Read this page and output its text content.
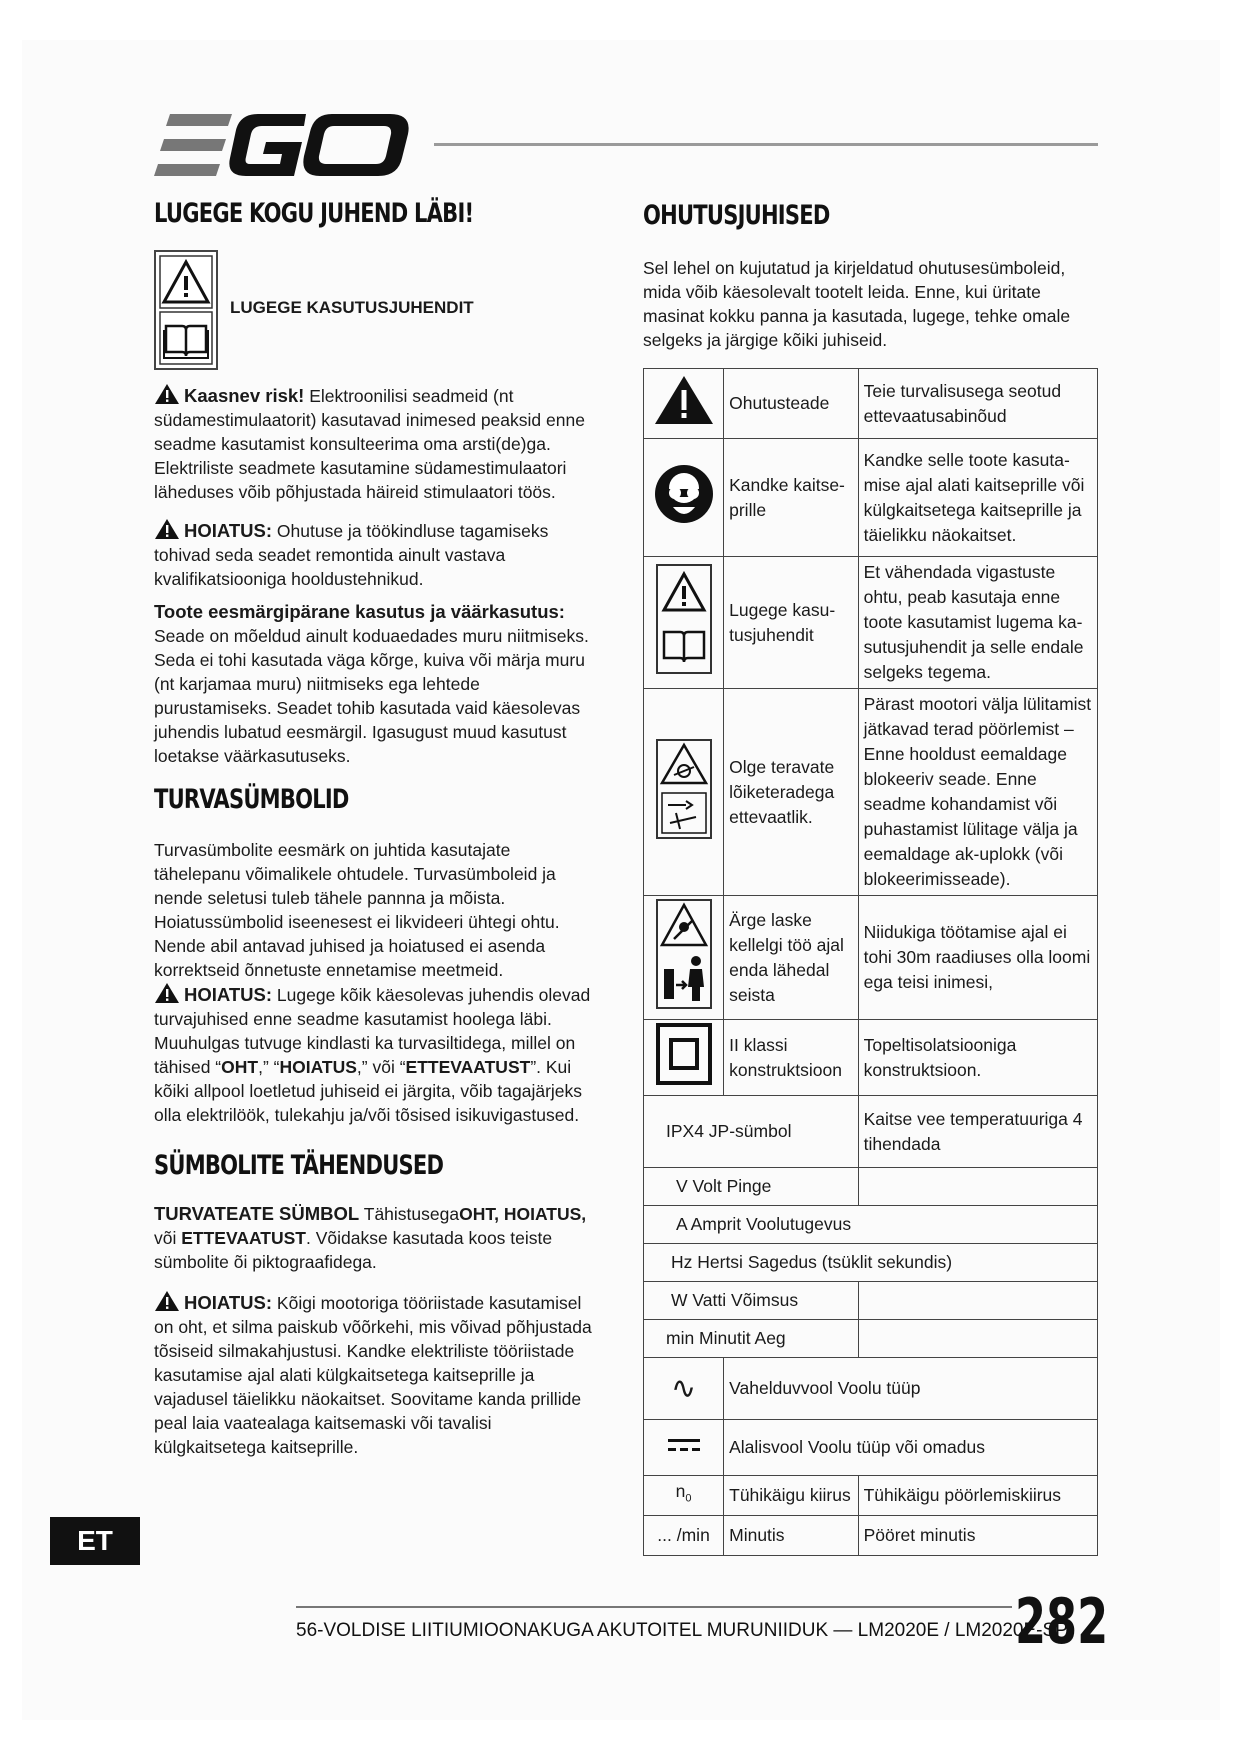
EGO
LUGEGE KOGU JUHEND LÄBI!
LUGEGE KASUTUSJUHENDIT
Kaasnev risk! Elektroonilisi seadmeid (nt südamestimulaatorit) kasutavad inimesed peaksid enne seadme kasutamist konsulteerima oma arsti(de)ga. Elektriliste seadmete kasutamine südamestimulaatori läheduses võib põhjustada häireid stimulaatori töös.
HOIATUS: Ohutuse ja töökindluse tagamiseks tohivad seda seadet remontida ainult vastava kvalifikatsiooniga hooldustehnikud.
Toote eesmärgipärane kasutus ja väärkasutus:
Seade on mõeldud ainult koduaedades muru niitmiseks. Seda ei tohi kasutada väga kõrge, kuiva või märja muru (nt karjamaa muru) niitmiseks ega lehtede purustamiseks. Seadet tohib kasutada vaid käesolevas juhendis lubatud eesmärgil. Igasugust muud kasutust loetakse väärkasutuseks.
TURVASÜMBOLID
Turvasümbolite eesmärk on juhtida kasutajate tähelepanu võimalikele ohtudele. Turvasümboleid ja nende seletusi tuleb tähele pannna ja mõista. Hoiatussümbolid iseenesest ei likvideeri ühtegi ohtu. Nende abil antavad juhised ja hoiatused ei asenda korrektseid õnnetuste ennetamise meetmeid.
HOIATUS: Lugege kõik käesolevas juhendis olevad turvajuhised enne seadme kasutamist hoolega läbi. Muuhulgas tutvuge kindlasti ka turvasiltidega, millel on tähised “OHT,” “HOIATUS,” või “ETTEVAATUST”. Kui kõiki allpool loetletud juhiseid ei järgita, võib tagajärjeks olla elektrilöök, tulekahju ja/või tõsised isikuvigastused.
SÜMBOLITE TÄHENDUSED
TURVATEATE SÜMBOL TähistusegaOHT, HOIATUS, või ETTEVAATUST. Võidakse kasutada koos teiste sümbolite õi piktograafidega.
HOIATUS: Kõigi mootoriga tööriistade kasutamisel on oht, et silma paiskub võõrkehi, mis võivad põhjustada tõsiseid silmakahjustusi. Kandke elektriliste tööriistade kasutamise ajal alati külgkaitsetega kaitseprille ja vajadusel täielikku näokaitset. Soovitame kanda prillide peal laia vaatealaga kaitsemaski või tavalisi külgkaitsetega kaitseprille.
OHUTUSJUHISED
Sel lehel on kujutatud ja kirjeldatud ohutusesümboleid, mida võib käesolevalt tootelt leida. Enne, kui üritate masinat kokku panna ja kasutada, lugege, tehke omale selgeks ja järgige kõiki juhiseid.
	Ohutusteade	Teie turvalisusega seotud ettevaatusabinõud
	Kandke kaitse-prille	Kandke selle toote kasuta-mise ajal alati kaitseprille või külgkaitsetega kaitseprille ja täielikku näokaitset.
	Lugege kasu-tusjuhendit	Et vähendada vigastuste ohtu, peab kasutaja enne toote kasutamist lugema ka-sutusjuhendit ja selle endale selgeks tegema.
	Olge teravate lõiketeradega ettevaatlik.	Pärast mootori välja lülitamist jätkavad terad pöörlemist – Enne hooldust eemaldage blokeeriv seade. Enne seadme kohandamist või puhastamist lülitage välja ja eemaldage ak-uplokk (või blokeerimisseade).
	Ärge laske kellelgi töö ajal enda lähedal seista	Niidukiga töötamise ajal ei tohi 30m raadiuses olla loomi ega teisi inimesi,
	II klassi konstruktsioon	Topeltisolatsiooniga konstruktsioon.
IPX4 JP-sümbol		Kaitse vee temperatuuriga 4 tihendada
V Volt Pinge		
A Amprit Voolutugevus		
Hz Hertsi Sagedus (tsüklit sekundis)		
W Vatti Võimsus		
min Minutit Aeg		
∿	Vahelduvvool Voolu tüüp	
	Alalisvool Voolu tüüp või omadus	
$n_0$	Tühikäigu kiirus	Tühikäigu pöörlemiskiirus
... /min	Minutis	Pööret minutis
ET
56-VOLDISE LIITIUMIOONAKUGA AKUTOITEL MURUNIIDUK — LM2020E / LM2020E-SP
282
